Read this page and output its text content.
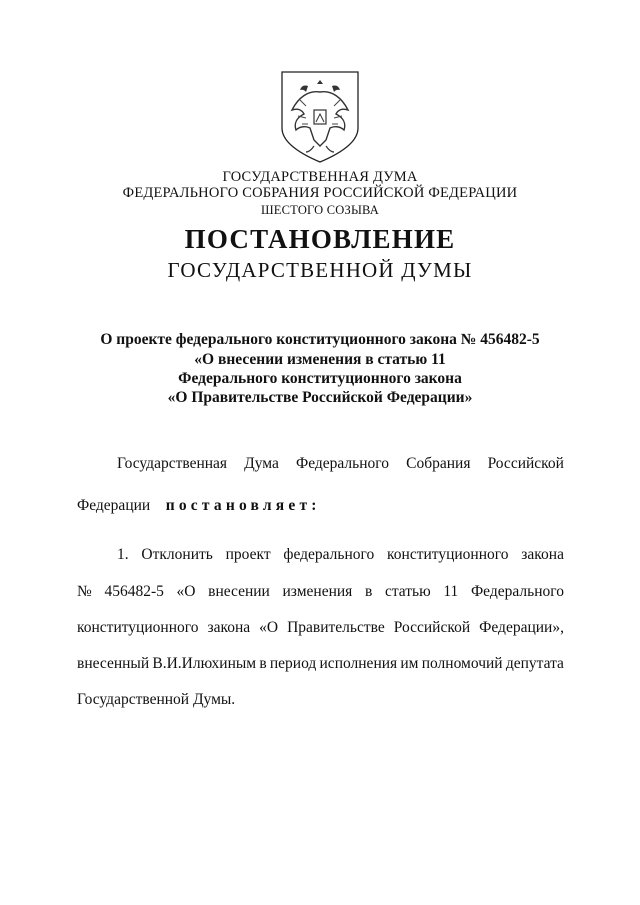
ГОСУДАРСТВЕННАЯ ДУМА
ФЕДЕРАЛЬНОГО СОБРАНИЯ РОССИЙСКОЙ ФЕДЕРАЦИИ
ШЕСТОГО СОЗЫВА
ПОСТАНОВЛЕНИЕ
ГОСУДАРСТВЕННОЙ ДУМЫ
О проекте федерального конституционного закона № 456482-5
«О внесении изменения в статью 11
Федерального конституционного закона
«О Правительстве Российской Федерации»
Государственная Дума Федерального Собрания Российской
Федерации постановляет:
1. Отклонить проект федерального конституционного закона
№ 456482-5 «О внесении изменения в статью 11 Федерального
конституционного закона «О Правительстве Российской Федерации»,
внесенный В.И.Илюхиным в период исполнения им полномочий депутата
Государственной Думы.
